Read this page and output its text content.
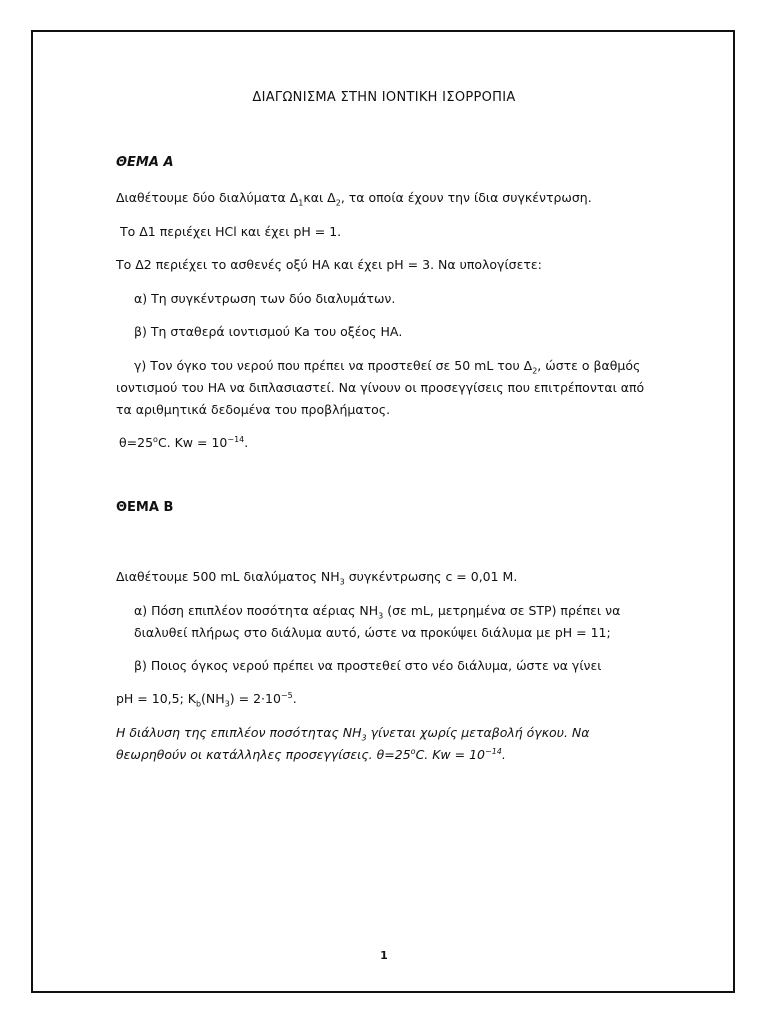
ΔΙΑΓΩΝΙΣΜΑ ΣΤΗΝ ΙΟΝΤΙΚΗ ΙΣΟΡΡΟΠΙΑ
ΘΕΜΑ Α
Διαθέτουμε δύο διαλύματα $\Delta_1\kappa\alpha\iota$ $\Delta_2$, τα οποία έχουν την ίδια συγκέντρωση.
Το Δ1 περιέχει HCl και έχει pH = 1.
Το Δ2 περιέχει το ασθενές οξύ ΗΑ και έχει pH = 3. Να υπολογίσετε:
α) Τη συγκέντρωση των δύο διαλυμάτων.
β) Τη σταθερά ιοντισμού Κa του οξέος ΗΑ.
γ) Τον όγκο του νερού που πρέπει να προστεθεί σε 50 mL του $\Delta_2$, ώστε ο βαθμός
ιοντισμού του ΗΑ να διπλασιαστεί. Να γίνουν οι προσεγγίσεις που επιτρέπονται από
τα αριθμητικά δεδομένα του προβλήματος.
$\theta=25^oC$. $Kw = 10^{-14}$.
ΘΕΜΑ Β
Διαθέτουμε 500 mL διαλύματος $NH_3$ συγκέντρωσης c = 0,01 M.
α) Πόση επιπλέον ποσότητα αέριας $NH_3$ (σε mL, μετρημένα σε STP) πρέπει να
διαλυθεί πλήρως στο διάλυμα αυτό, ώστε να προκύψει διάλυμα με pH = 11;
β) Ποιος όγκος νερού πρέπει να προστεθεί στο νέο διάλυμα, ώστε να γίνει
pH = 10,5; $K_b(NH_3) = 2\cdot 10^{-5}$.
Η διάλυση της επιπλέον ποσότητας $NH_3$ γίνεται χωρίς μεταβολή όγκου. Να
θεωρηθούν οι κατάλληλες προσεγγίσεις. $\theta=25^oC$. $Kw = 10^{-14}$.
1
